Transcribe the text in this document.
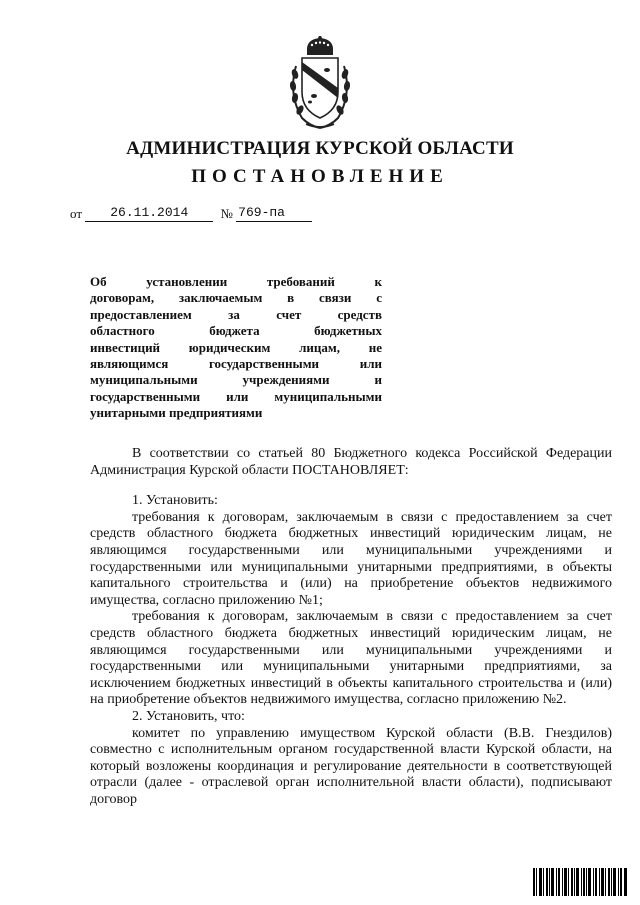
АДМИНИСТРАЦИЯ КУРСКОЙ ОБЛАСТИ
ПОСТАНОВЛЕНИЕ
от 26.11.2014 № 769-па
Об установлении требований к
договорам, заключаемым в связи с
предоставлением за счет средств
областного бюджета бюджетных
инвестиций юридическим лицам, не
являющимся государственными или
муниципальными учреждениями и
государственными или муниципальными
унитарными предприятиями

В соответствии со статьей 80 Бюджетного кодекса Российской Федерации Администрация Курской области ПОСТАНОВЛЯЕТ:

1. Установить:

требования к договорам, заключаемым в связи с предоставлением за счет средств областного бюджета бюджетных инвестиций юридическим лицам, не являющимся государственными или муниципальными учреждениями и государственными или муниципальными унитарными предприятиями, в объекты капитального строительства и (или) на приобретение объектов недвижимого имущества, согласно приложению №1;

требования к договорам, заключаемым в связи с предоставлением за счет средств областного бюджета бюджетных инвестиций юридическим лицам, не являющимся государственными или муниципальными учреждениями и государственными или муниципальными унитарными предприятиями, за исключением бюджетных инвестиций в объекты капитального строительства и (или) на приобретение объектов недвижимого имущества, согласно приложению №2.

2. Установить, что:

комитет по управлению имуществом Курской области (В.В. Гнездилов) совместно с исполнительным органом государственной власти Курской области, на который возложены координация и регулирование деятельности в соответствующей отрасли (далее - отраслевой орган исполнительной власти области), подписывают договор
